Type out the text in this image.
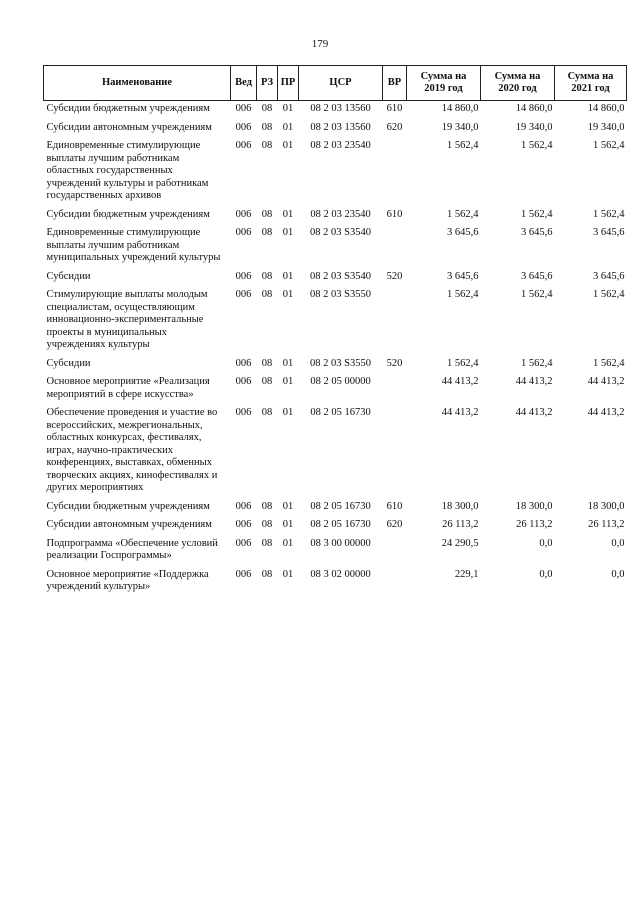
179
Наименование	Вед	РЗ	ПР	ЦСР	ВР	Сумма на 2019 год	Сумма на 2020 год	Сумма на 2021 год
Субсидии бюджетным учреждениям	006	08	01	08 2 03 13560	610	14 860,0	14 860,0	14 860,0
Субсидии автономным учреждениям	006	08	01	08 2 03 13560	620	19 340,0	19 340,0	19 340,0
Единовременные стимулирующие выплаты лучшим работникам областных государственных учреждений культуры и работникам государственных архивов	006	08	01	08 2 03 23540		1 562,4	1 562,4	1 562,4
Субсидии бюджетным учреждениям	006	08	01	08 2 03 23540	610	1 562,4	1 562,4	1 562,4
Единовременные стимулирующие выплаты лучшим работникам муниципальных учреждений культуры	006	08	01	08 2 03 S3540		3 645,6	3 645,6	3 645,6
Субсидии	006	08	01	08 2 03 S3540	520	3 645,6	3 645,6	3 645,6
Стимулирующие выплаты молодым специалистам, осуществляющим инновационно-экспериментальные проекты в муниципальных учреждениях культуры	006	08	01	08 2 03 S3550		1 562,4	1 562,4	1 562,4
Субсидии	006	08	01	08 2 03 S3550	520	1 562,4	1 562,4	1 562,4
Основное мероприятие «Реализация мероприятий в сфере искусства»	006	08	01	08 2 05 00000		44 413,2	44 413,2	44 413,2
Обеспечение проведения и участие во всероссийских, межрегиональных, областных конкурсах, фестивалях, играх, научно-практических конференциях, выставках, обменных творческих акциях, кинофестивалях и других мероприятиях	006	08	01	08 2 05 16730		44 413,2	44 413,2	44 413,2
Субсидии бюджетным учреждениям	006	08	01	08 2 05 16730	610	18 300,0	18 300,0	18 300,0
Субсидии автономным учреждениям	006	08	01	08 2 05 16730	620	26 113,2	26 113,2	26 113,2
Подпрограмма «Обеспечение условий реализации Госпрограммы»	006	08	01	08 3 00 00000		24 290,5	0,0	0,0
Основное мероприятие «Поддержка учреждений культуры»	006	08	01	08 3 02 00000		229,1	0,0	0,0
